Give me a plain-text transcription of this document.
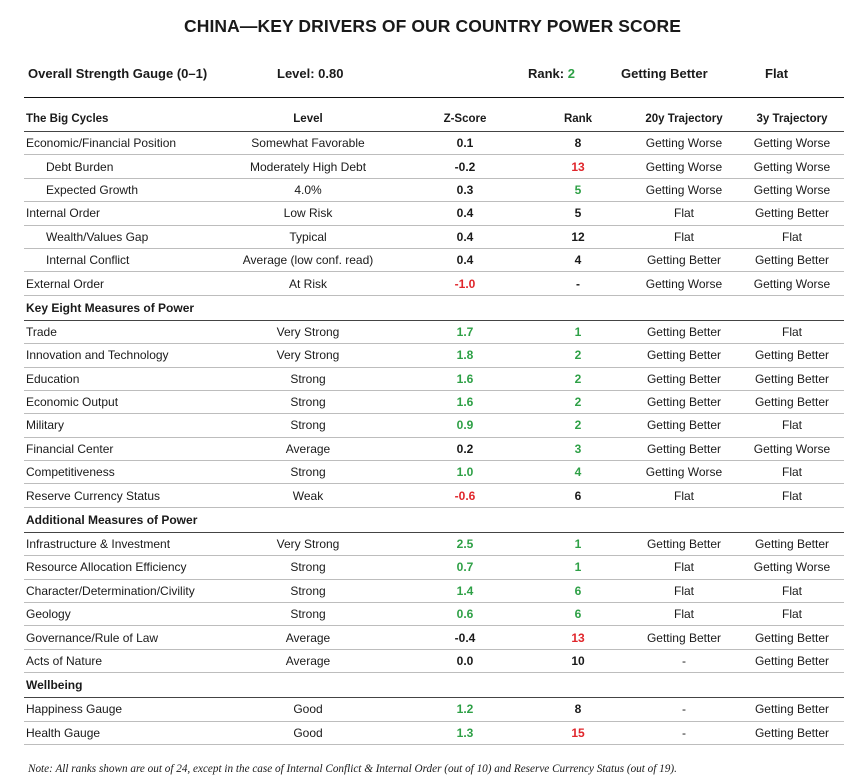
CHINA—KEY DRIVERS OF OUR COUNTRY POWER SCORE
Overall Strength Gauge (0–1)	Level: 0.80	Rank: 2	Getting Better	Flat
The Big Cycles	Level	Z-Score	Rank	20y Trajectory	3y Trajectory
Economic/Financial Position	Somewhat Favorable	0.1	8	Getting Worse	Getting Worse
Debt Burden	Moderately High Debt	-0.2	13	Getting Worse	Getting Worse
Expected Growth	4.0%	0.3	5	Getting Worse	Getting Worse
Internal Order	Low Risk	0.4	5	Flat	Getting Better
Wealth/Values Gap	Typical	0.4	12	Flat	Flat
Internal Conflict	Average (low conf. read)	0.4	4	Getting Better	Getting Better
External Order	At Risk	-1.0	-	Getting Worse	Getting Worse
Key Eight Measures of Power					
Trade	Very Strong	1.7	1	Getting Better	Flat
Innovation and Technology	Very Strong	1.8	2	Getting Better	Getting Better
Education	Strong	1.6	2	Getting Better	Getting Better
Economic Output	Strong	1.6	2	Getting Better	Getting Better
Military	Strong	0.9	2	Getting Better	Flat
Financial Center	Average	0.2	3	Getting Better	Getting Worse
Competitiveness	Strong	1.0	4	Getting Worse	Flat
Reserve Currency Status	Weak	-0.6	6	Flat	Flat
Additional Measures of Power					
Infrastructure & Investment	Very Strong	2.5	1	Getting Better	Getting Better
Resource Allocation Efficiency	Strong	0.7	1	Flat	Getting Worse
Character/Determination/Civility	Strong	1.4	6	Flat	Flat
Geology	Strong	0.6	6	Flat	Flat
Governance/Rule of Law	Average	-0.4	13	Getting Better	Getting Better
Acts of Nature	Average	0.0	10	-	Getting Better
Wellbeing					
Happiness Gauge	Good	1.2	8	-	Getting Better
Health Gauge	Good	1.3	15	-	Getting Better
Note: All ranks shown are out of 24, except in the case of Internal Conflict & Internal Order (out of 10) and Reserve Currency Status (out of 19).
